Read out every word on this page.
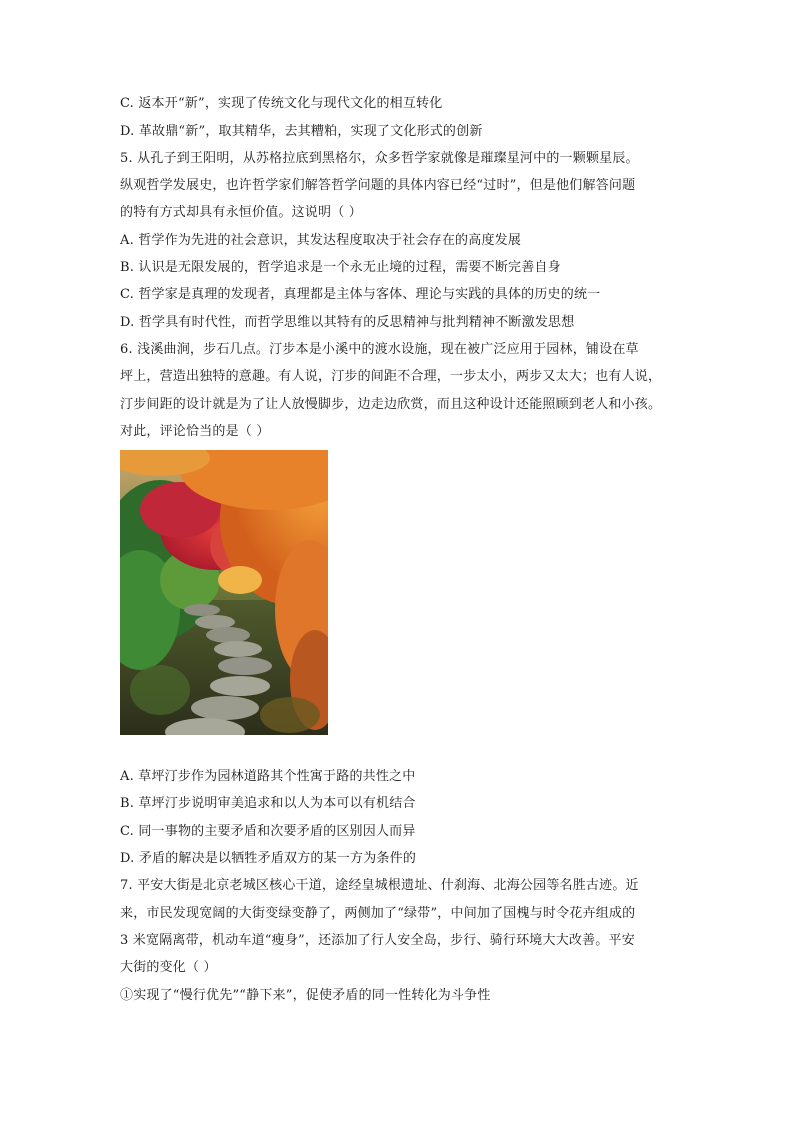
C. 返本开“新”，实现了传统文化与现代文化的相互转化
D. 革故鼎“新”，取其精华，去其糟粕，实现了文化形式的创新
5. 从孔子到王阳明，从苏格拉底到黑格尔，众多哲学家就像是璀璨星河中的一颗颗星辰。
纵观哲学发展史，也许哲学家们解答哲学问题的具体内容已经“过时”，但是他们解答问题
的特有方式却具有永恒价值。这说明（ ）
A. 哲学作为先进的社会意识，其发达程度取决于社会存在的高度发展
B. 认识是无限发展的，哲学追求是一个永无止境的过程，需要不断完善自身
C. 哲学家是真理的发现者，真理都是主体与客体、理论与实践的具体的历史的统一
D. 哲学具有时代性，而哲学思维以其特有的反思精神与批判精神不断激发思想
6. 浅溪曲涧，步石几点。汀步本是小溪中的渡水设施，现在被广泛应用于园林，铺设在草
坪上，营造出独特的意趣。有人说，汀步的间距不合理，一步太小，两步又太大；也有人说，
汀步间距的设计就是为了让人放慢脚步，边走边欣赏，而且这种设计还能照顾到老人和小孩。
对此，评论恰当的是（ ）
A. 草坪汀步作为园林道路其个性寓于路的共性之中
B. 草坪汀步说明审美追求和以人为本可以有机结合
C. 同一事物的主要矛盾和次要矛盾的区别因人而异
D. 矛盾的解决是以牺牲矛盾双方的某一方为条件的
7. 平安大街是北京老城区核心干道，途经皇城根遗址、什刹海、北海公园等名胜古迹。近
来，市民发现宽阔的大街变绿变静了，两侧加了“绿带”，中间加了国槐与时令花卉组成的
3 米宽隔离带，机动车道“瘦身”，还添加了行人安全岛，步行、骑行环境大大改善。平安
大街的变化（ ）
①实现了“慢行优先”“静下来”，促使矛盾的同一性转化为斗争性
